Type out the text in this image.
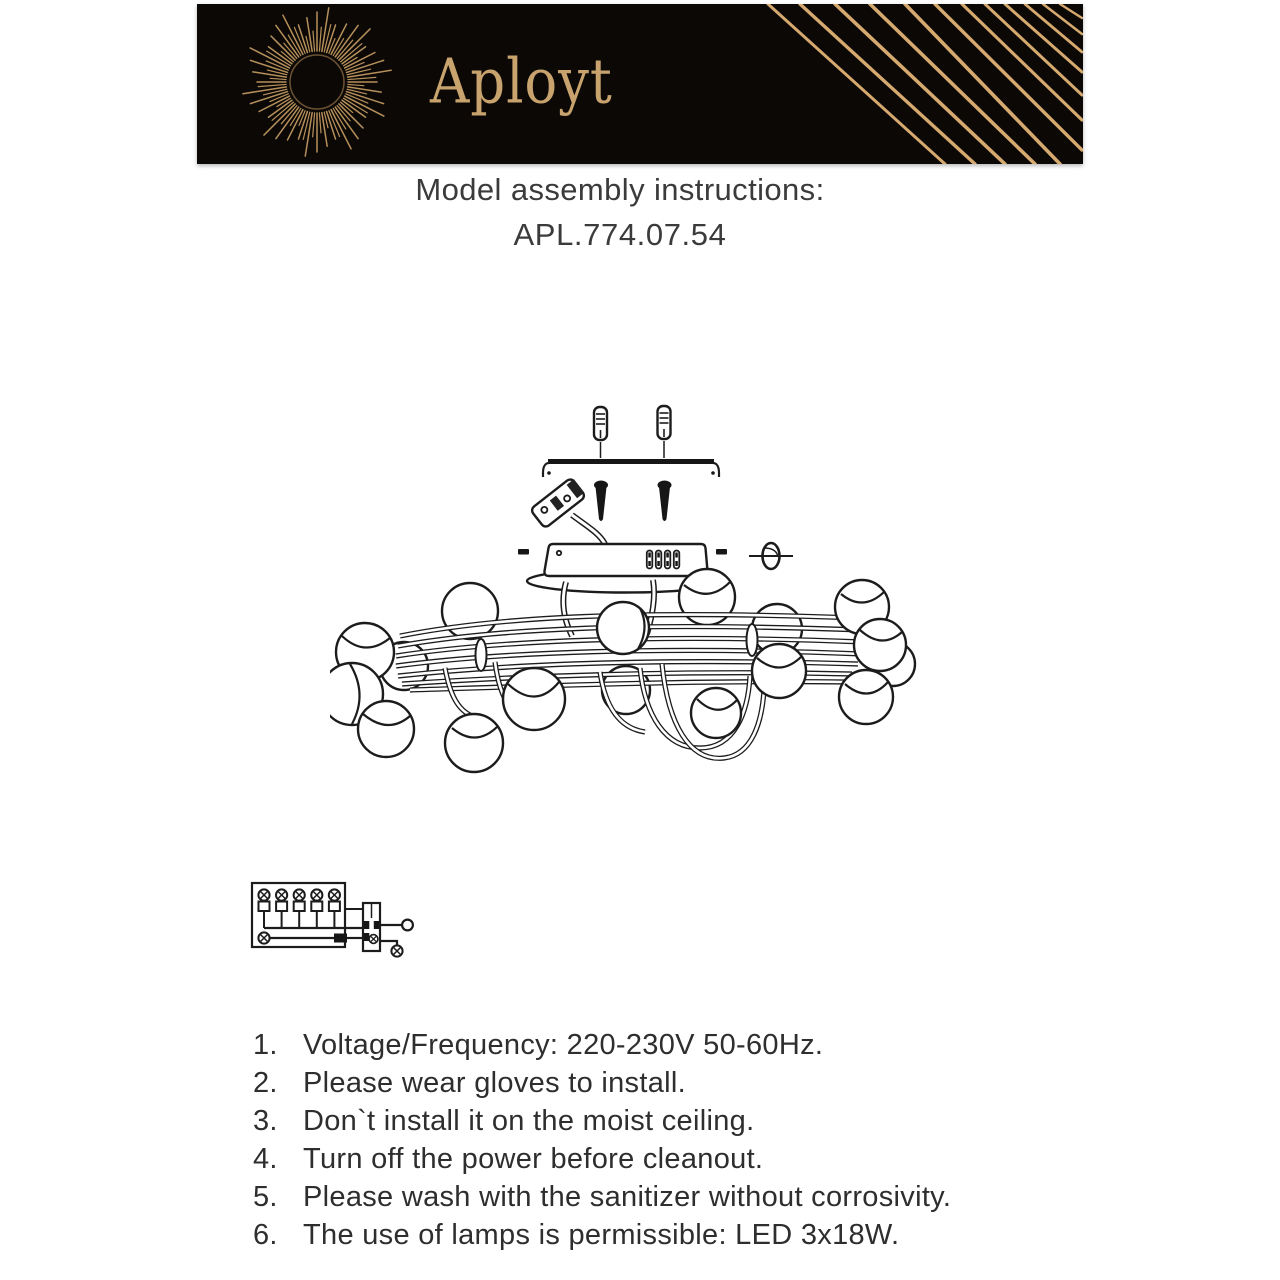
Aployt
Model assembly instructions:
APL.774.07.54
1. Voltage/Frequency: 220-230V 50-60Hz.
2. Please wear gloves to install.
3. Don`t install it on the moist ceiling.
4. Turn off the power before cleanout.
5. Please wash with the sanitizer without corrosivity.
6. The use of lamps is permissible: LED 3x18W.
